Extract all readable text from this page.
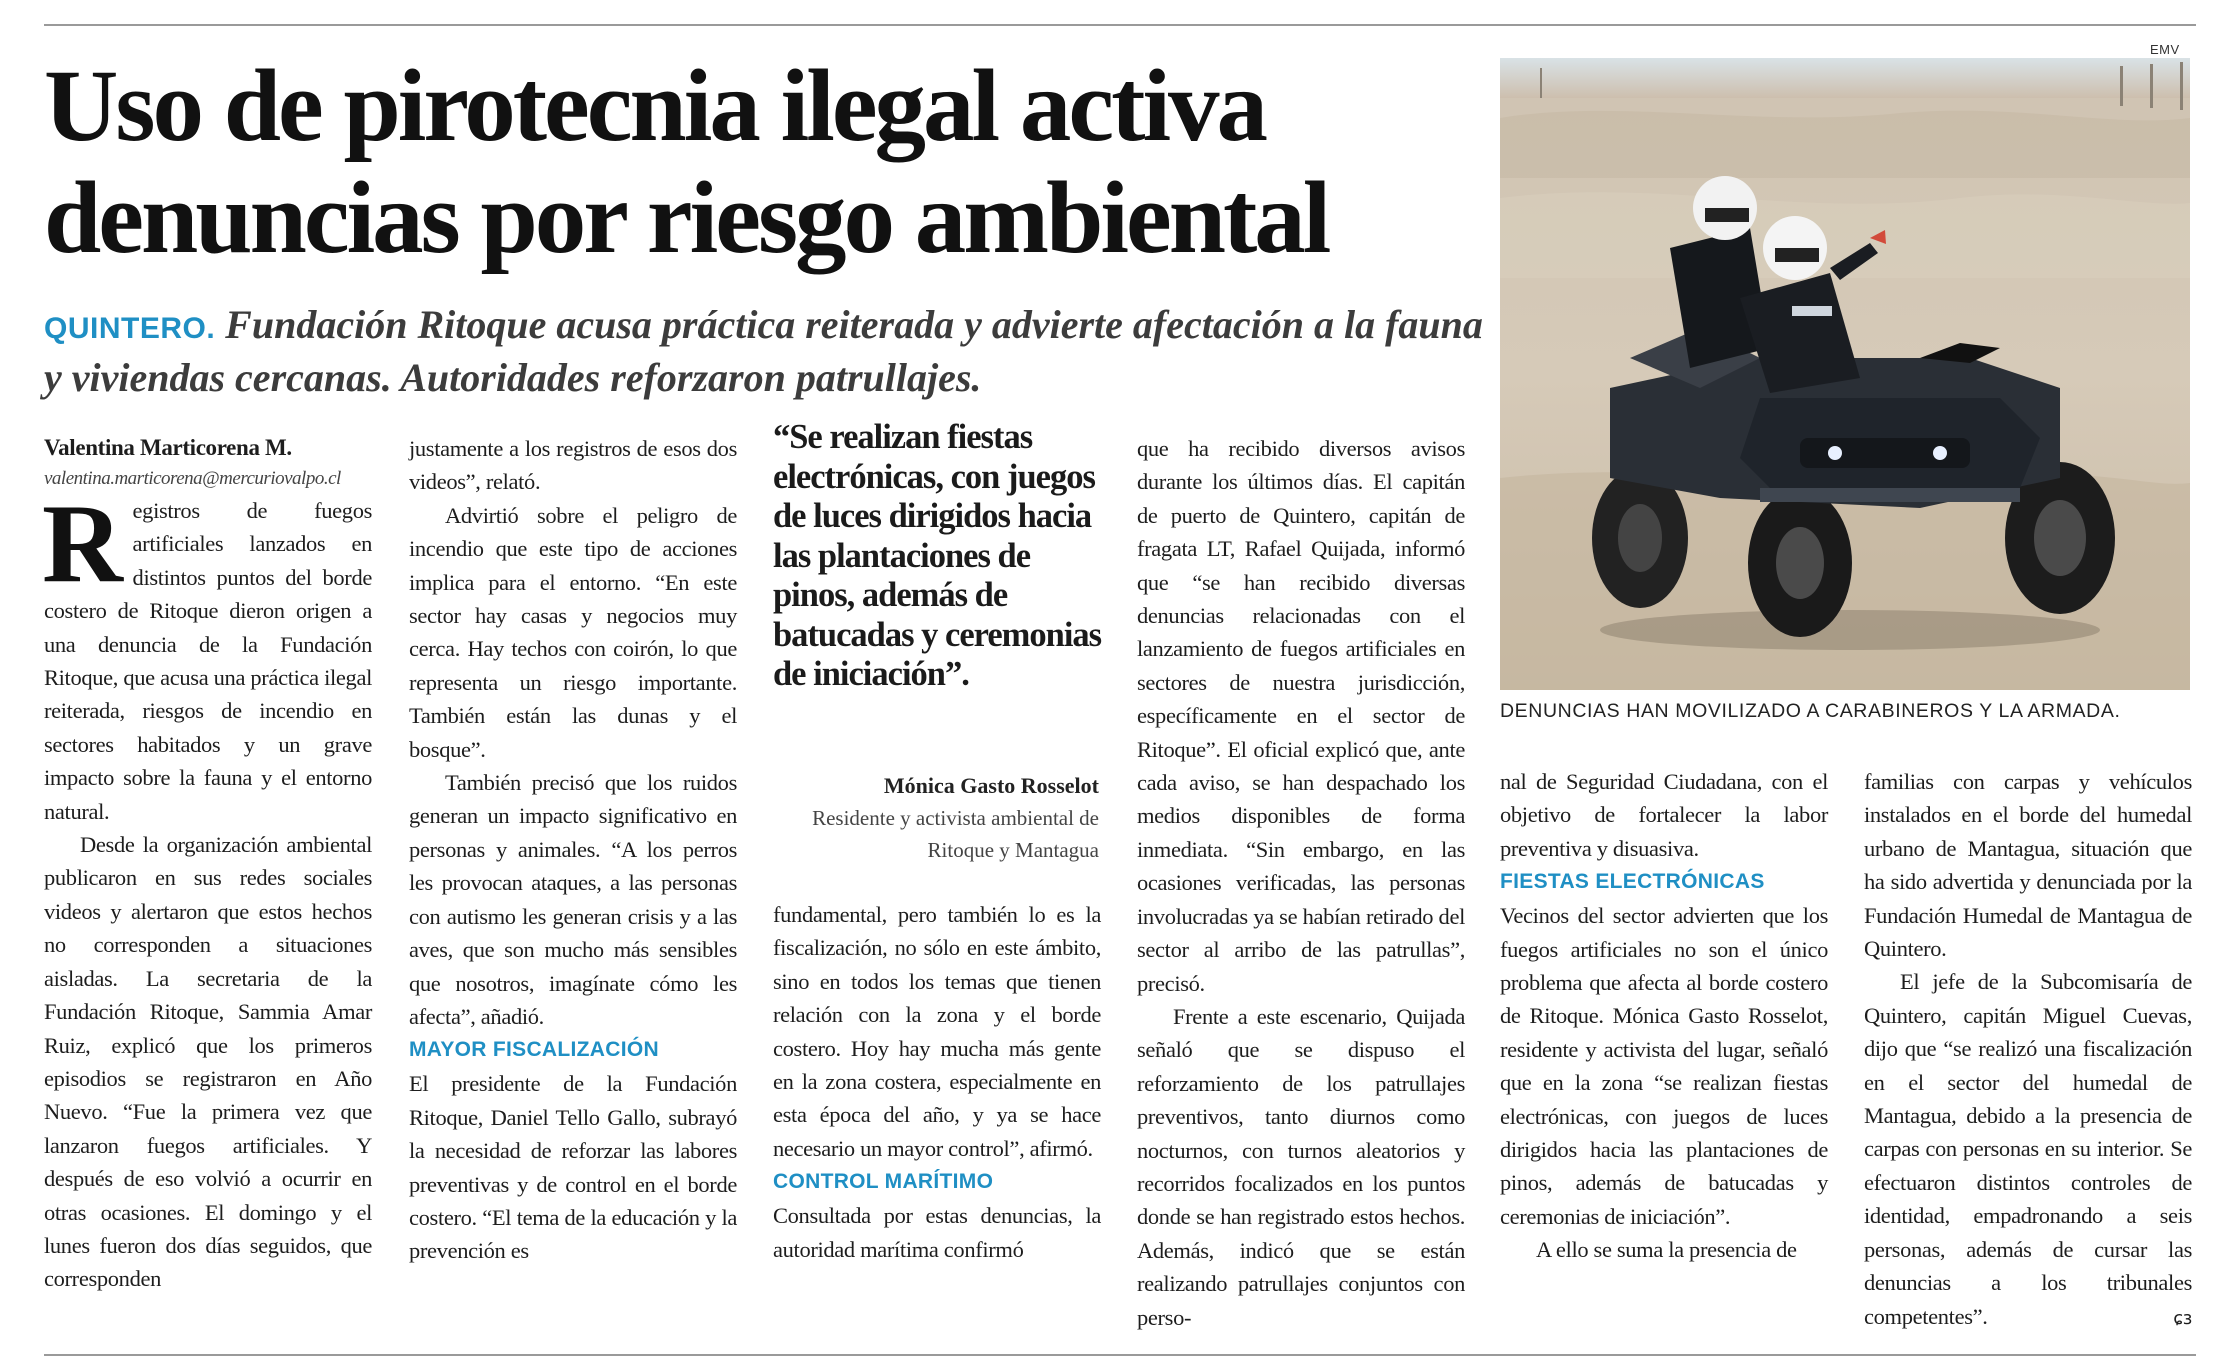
Uso de pirotecnia ilegal activa denuncias por riesgo ambiental

QUINTERO. Fundación Ritoque acusa práctica reiterada y advierte afectación a la fauna y viviendas cercanas. Autoridades reforzaron patrullajes.

Valentina Marticorena M.

valentina.marticorena@mercuriovalpo.cl

Registros de fuegos artificiales lanzados en distintos puntos del borde costero de Ritoque dieron origen a una denuncia de la Fundación Ritoque, que acusa una práctica ilegal reiterada, riesgos de incendio en sectores habitados y un grave impacto sobre la fauna y el entorno natural.

Desde la organización ambiental publicaron en sus redes sociales videos y alertaron que estos hechos no corresponden a situaciones aisladas. La secretaria de la Fundación Ritoque, Sammia Amar Ruiz, explicó que los primeros episodios se registraron en Año Nuevo. “Fue la primera vez que lanzaron fuegos artificiales. Y después de eso volvió a ocurrir en otras ocasiones. El domingo y el lunes fueron dos días seguidos, que corresponden

justamente a los registros de esos dos videos”, relató.

Advirtió sobre el peligro de incendio que este tipo de acciones implica para el entorno. “En este sector hay casas y negocios muy cerca. Hay techos con coirón, lo que representa un riesgo importante. También están las dunas y el bosque”.

También precisó que los ruidos generan un impacto significativo en personas y animales. “A los perros les provocan ataques, a las personas con autismo les generan crisis y a las aves, que son mucho más sensibles que nosotros, imagínate cómo les afecta”, añadió.

MAYOR FISCALIZACIÓN

El presidente de la Fundación Ritoque, Daniel Tello Gallo, subrayó la necesidad de reforzar las labores preventivas y de control en el borde costero. “El tema de la educación y la prevención es

“Se realizan fiestas electrónicas, con juegos de luces dirigidos hacia las plantaciones de pinos, además de batucadas y ceremonias de iniciación”.

Mónica Gasto Rosselot
Residente y activista ambiental de Ritoque y Mantagua

fundamental, pero también lo es la fiscalización, no sólo en este ámbito, sino en todos los temas que tienen relación con la zona y el borde costero. Hoy hay mucha más gente en la zona costera, especialmente en esta época del año, y ya se hace necesario un mayor control”, afirmó.

CONTROL MARÍTIMO

Consultada por estas denuncias, la autoridad marítima confirmó

que ha recibido diversos avisos durante los últimos días. El capitán de puerto de Quintero, capitán de fragata LT, Rafael Quijada, informó que “se han recibido diversas denuncias relacionadas con el lanzamiento de fuegos artificiales en sectores de nuestra jurisdicción, específicamente en el sector de Ritoque”. El oficial explicó que, ante cada aviso, se han despachado los medios disponibles de forma inmediata. “Sin embargo, en las ocasiones verificadas, las personas involucradas ya se habían retirado del sector al arribo de las patrullas”, precisó.

Frente a este escenario, Quijada señaló que se dispuso el reforzamiento de los patrullajes preventivos, tanto diurnos como nocturnos, con turnos aleatorios y recorridos focalizados en los puntos donde se han registrado estos hechos. Además, indicó que se están realizando patrullajes conjuntos con perso-

EMV
DENUNCIAS HAN MOVILIZADO A CARABINEROS Y LA ARMADA.

nal de Seguridad Ciudadana, con el objetivo de fortalecer la labor preventiva y disuasiva.

FIESTAS ELECTRÓNICAS

Vecinos del sector advierten que los fuegos artificiales no son el único problema que afecta al borde costero de Ritoque. Mónica Gasto Rosselot, residente y activista del lugar, señaló que en la zona “se realizan fiestas electrónicas, con juegos de luces dirigidos hacia las plantaciones de pinos, además de batucadas y ceremonias de iniciación”.

A ello se suma la presencia de

familias con carpas y vehículos instalados en el borde del humedal urbano de Mantagua, situación que ha sido advertida y denunciada por la Fundación Humedal de Mantagua de Quintero.

El jefe de la Subcomisaría de Quintero, capitán Miguel Cuevas, dijo que “se realizó una fiscalización en el sector del humedal de Mantagua, debido a la presencia de carpas con personas en su interior. Se efectuaron distintos controles de identidad, empadronando a seis personas, además de cursar las denuncias a los tribunales competentes”.	ɕɜ
